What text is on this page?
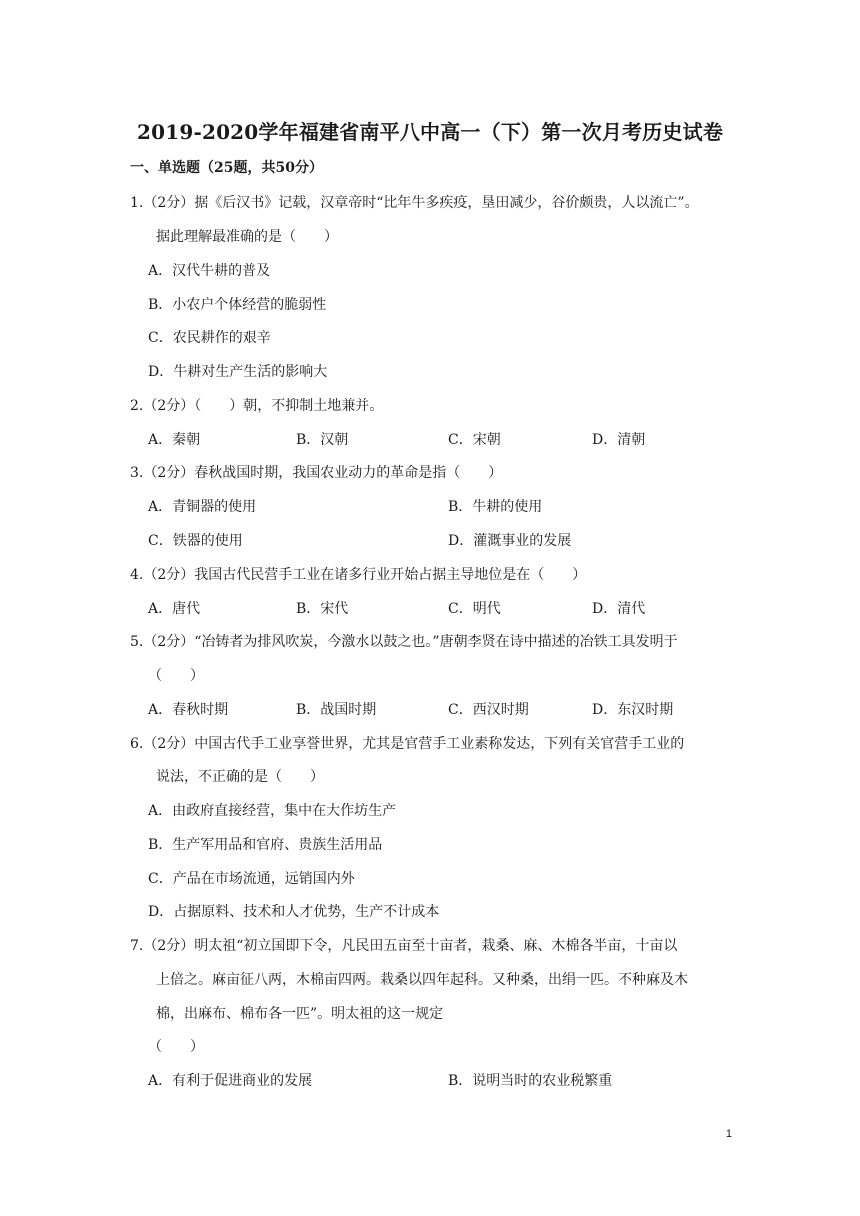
2019-2020学年福建省南平八中高一（下）第一次月考历史试卷
一、单选题（25题，共50分）
1.（2分）据《后汉书》记载，汉章帝时“比年牛多疾疫，垦田减少，谷价颇贵，人以流亡”。
据此理解最准确的是（　　）
A．汉代牛耕的普及
B．小农户个体经营的脆弱性
C．农民耕作的艰辛
D．牛耕对生产生活的影响大
2.（2分）（　　）朝，不抑制土地兼并。
A．秦朝	B．汉朝	C．宋朝	D．清朝
3.（2分）春秋战国时期，我国农业动力的革命是指（　　）
A．青铜器的使用	B．牛耕的使用
C．铁器的使用	D．灌溉事业的发展
4.（2分）我国古代民营手工业在诸多行业开始占据主导地位是在（　　）
A．唐代	B．宋代	C．明代	D．清代
5.（2分）“冶铸者为排风吹炭，今激水以鼓之也。”唐朝李贤在诗中描述的冶铁工具发明于
（　　）
A．春秋时期	B．战国时期	C．西汉时期	D．东汉时期
6.（2分）中国古代手工业享誉世界，尤其是官营手工业素称发达，下列有关官营手工业的
说法，不正确的是（　　）
A．由政府直接经营，集中在大作坊生产
B．生产军用品和官府、贵族生活用品
C．产品在市场流通，远销国内外
D．占据原料、技术和人才优势，生产不计成本
7.（2分）明太祖“初立国即下令，凡民田五亩至十亩者，栽桑、麻、木棉各半亩，十亩以
上倍之。麻亩征八两，木棉亩四两。栽桑以四年起科。又种桑，出绢一匹。不种麻及木
棉，出麻布、棉布各一匹”。明太祖的这一规定
（　　）
A．有利于促进商业的发展	B．说明当时的农业税繁重
1
